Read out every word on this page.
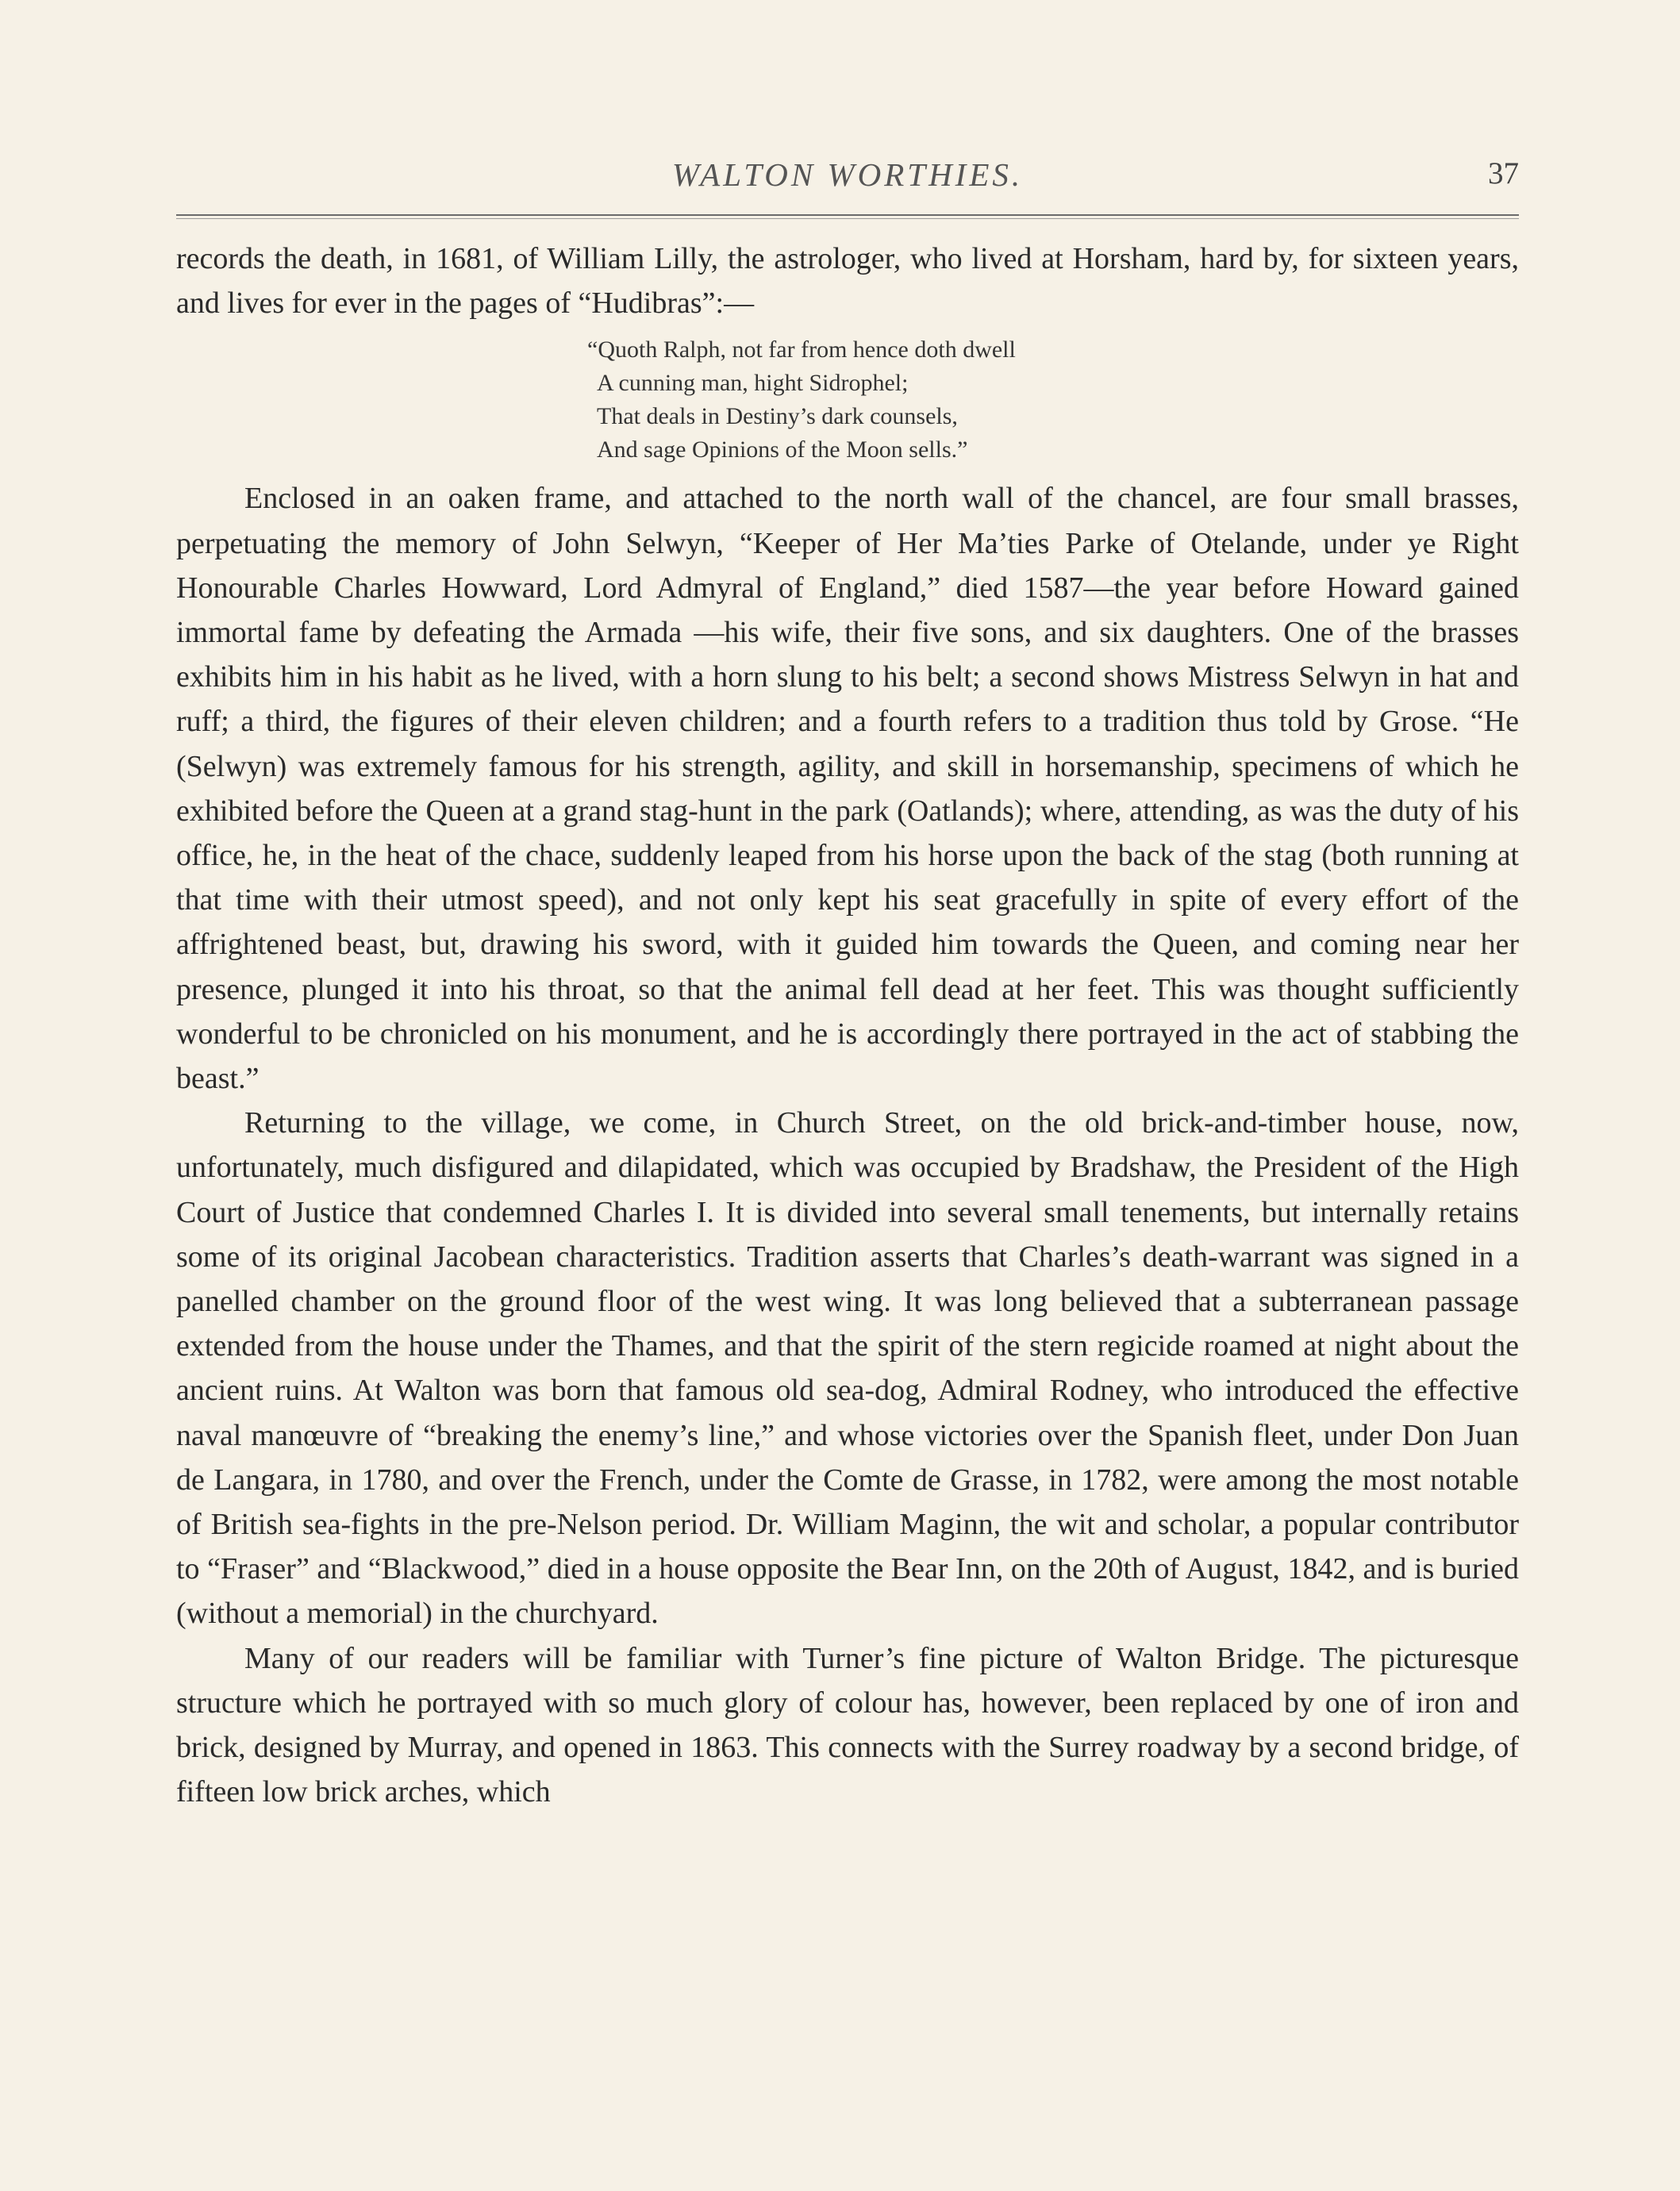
WALTON WORTHIES.	37

records the death, in 1681, of William Lilly, the astrologer, who lived at Horsham, hard by, for sixteen years, and lives for ever in the pages of “Hudibras”:—

“Quoth Ralph, not far from hence doth dwell
A cunning man, hight Sidrophel;
That deals in Destiny’s dark counsels,
And sage Opinions of the Moon sells.”

Enclosed in an oaken frame, and attached to the north wall of the chancel, are four small brasses, perpetuating the memory of John Selwyn, “Keeper of Her Ma’ties Parke of Otelande, under ye Right Honourable Charles Howward, Lord Admyral of England,” died 1587—the year before Howard gained immortal fame by defeating the Armada —his wife, their five sons, and six daughters. One of the brasses exhibits him in his habit as he lived, with a horn slung to his belt; a second shows Mistress Selwyn in hat and ruff; a third, the figures of their eleven children; and a fourth refers to a tradition thus told by Grose. “He (Selwyn) was extremely famous for his strength, agility, and skill in horsemanship, specimens of which he exhibited before the Queen at a grand stag-hunt in the park (Oatlands); where, attending, as was the duty of his office, he, in the heat of the chace, suddenly leaped from his horse upon the back of the stag (both running at that time with their utmost speed), and not only kept his seat gracefully in spite of every effort of the affrightened beast, but, drawing his sword, with it guided him towards the Queen, and coming near her presence, plunged it into his throat, so that the animal fell dead at her feet. This was thought sufficiently wonderful to be chronicled on his monument, and he is accordingly there portrayed in the act of stabbing the beast.”

Returning to the village, we come, in Church Street, on the old brick-and-timber house, now, unfortunately, much disfigured and dilapidated, which was occupied by Bradshaw, the President of the High Court of Justice that condemned Charles I. It is divided into several small tenements, but internally retains some of its original Jacobean characteristics. Tradition asserts that Charles’s death-warrant was signed in a panelled chamber on the ground floor of the west wing. It was long believed that a subterranean passage extended from the house under the Thames, and that the spirit of the stern regicide roamed at night about the ancient ruins. At Walton was born that famous old sea-dog, Admiral Rodney, who introduced the effective naval manœuvre of “breaking the enemy’s line,” and whose victories over the Spanish fleet, under Don Juan de Langara, in 1780, and over the French, under the Comte de Grasse, in 1782, were among the most notable of British sea-fights in the pre-Nelson period. Dr. William Maginn, the wit and scholar, a popular contributor to “Fraser” and “Blackwood,” died in a house opposite the Bear Inn, on the 20th of August, 1842, and is buried (without a memorial) in the churchyard.

Many of our readers will be familiar with Turner’s fine picture of Walton Bridge. The picturesque structure which he portrayed with so much glory of colour has, however, been replaced by one of iron and brick, designed by Murray, and opened in 1863. This connects with the Surrey roadway by a second bridge, of fifteen low brick arches, which
